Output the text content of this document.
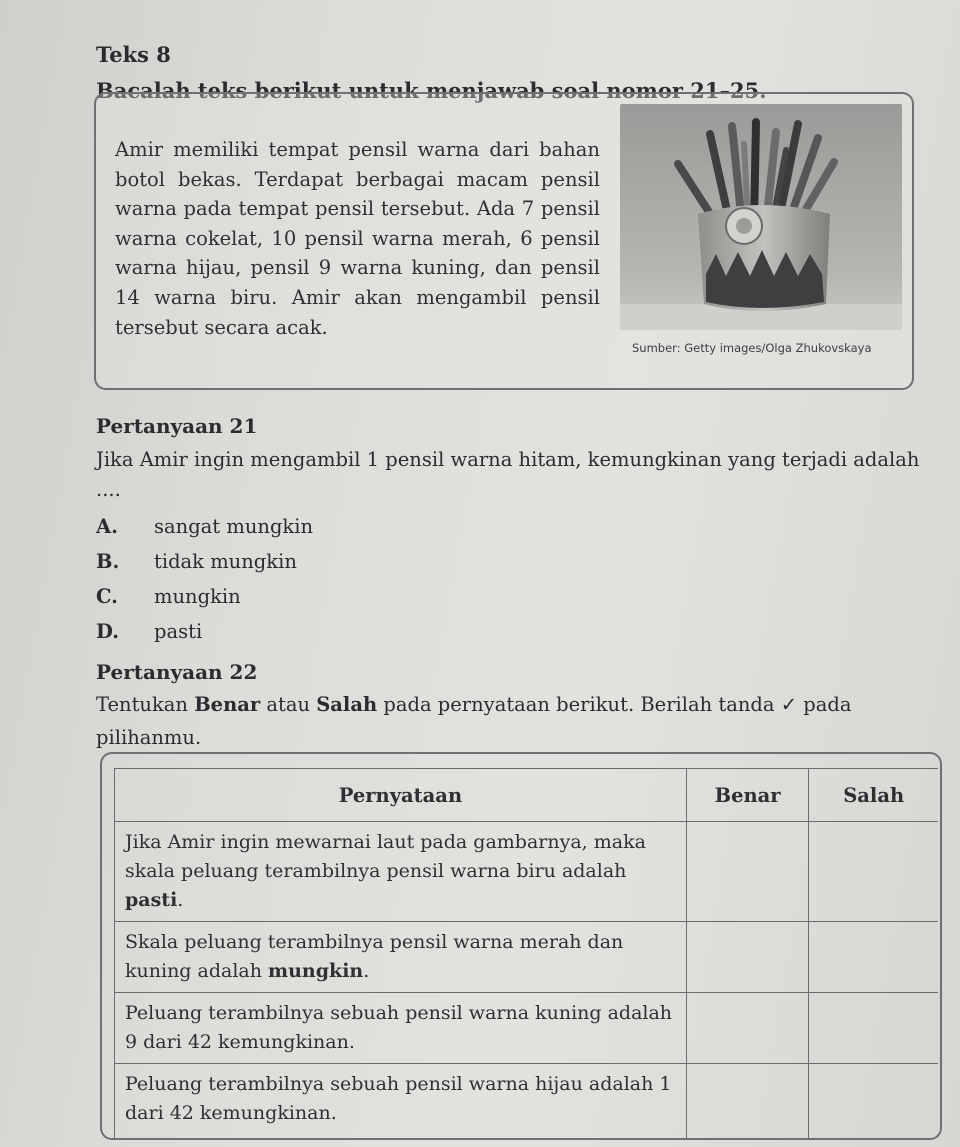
Teks 8
Bacalah teks berikut untuk menjawab soal nomor 21–25.
Amir memiliki tempat pensil warna dari bahan botol bekas. Terdapat berbagai macam pensil warna pada tempat pensil tersebut. Ada 7 pensil warna cokelat, 10 pensil warna merah, 6 pensil warna hijau, pensil 9 warna kuning, dan pensil 14 warna biru. Amir akan mengambil pensil tersebut secara acak.
Sumber: Getty images/Olga Zhukovskaya
Pertanyaan 21
Jika Amir ingin mengambil 1 pensil warna hitam, kemungkinan yang terjadi adalah ....
A. sangat mungkin
B. tidak mungkin
C. mungkin
D. pasti
Pertanyaan 22
Tentukan Benar atau Salah pada pernyataan berikut. Berilah tanda ✓ pada pilihanmu.
Pernyataan	Benar	Salah
Jika Amir ingin mewarnai laut pada gambarnya, maka skala peluang terambilnya pensil warna biru adalah pasti.		
Skala peluang terambilnya pensil warna merah dan kuning adalah mungkin.		
Peluang terambilnya sebuah pensil warna kuning adalah 9 dari 42 kemungkinan.		
Peluang terambilnya sebuah pensil warna hijau adalah 1 dari 42 kemungkinan.		
